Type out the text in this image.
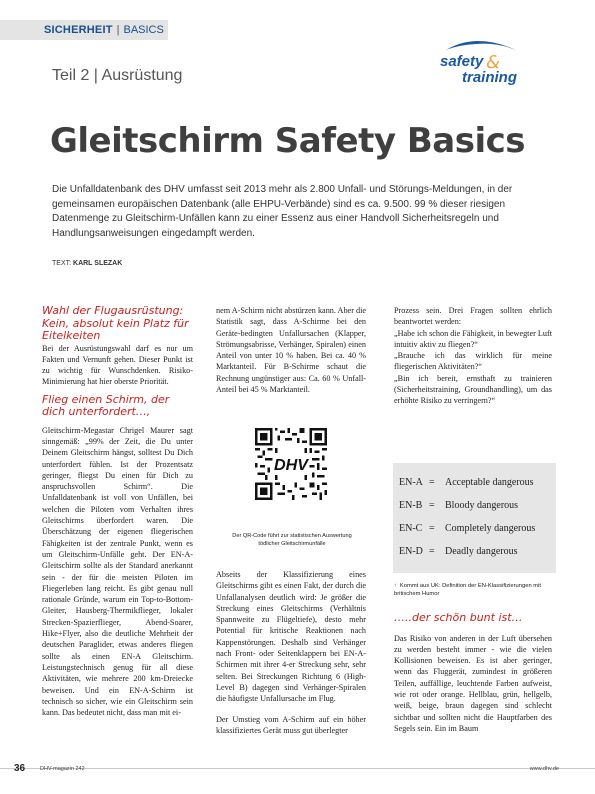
SICHERHEIT | BASICS
Teil 2 | Ausrüstung
safety &
training
Gleitschirm Safety Basics

Die Unfalldatenbank des DHV umfasst seit 2013 mehr als 2.800 Unfall- und Störungs-Meldungen, in der gemeinsamen europäischen Datenbank (alle EHPU-Verbände) sind es ca. 9.500. 99 % dieser riesigen Datenmenge zu Gleitschirm-Unfällen kann zu einer Essenz aus einer Handvoll Sicherheitsregeln und Handlungsanweisungen eingedampft werden.

TEXT: KARL SLEZAK

Wahl der Flugausrüstung: Kein, absolut kein Platz für Eitelkeiten

Bei der Ausrüstungswahl darf es nur um Fakten und Vernunft gehen. Dieser Punkt ist zu wichtig für Wunschdenken. Risiko-Minimierung hat hier oberste Priorität.

Flieg einen Schirm, der dich unterfordert…,

Gleitschirm-Megastar Chrigel Maurer sagt sinngemäß: „99% der Zeit, die Du unter Deinem Gleitschirm hängst, solltest Du Dich unterfordert fühlen. Ist der Prozentsatz geringer, fliegst Du einen für Dich zu anspruchsvollen Schirm“. Die Unfalldatenbank ist voll von Unfällen, bei welchen die Piloten vom Verhalten ihres Gleitschirms überfordert waren. Die Überschätzung der eigenen fliegerischen Fähigkeiten ist der zentrale Punkt, wenn es um Gleitschirm-Unfälle geht. Der EN-A-Gleitschirm sollte als der Standard anerkannt sein - der für die meisten Piloten im Fliegerleben lang reicht. Es gibt genau null rationale Gründe, warum ein Top-to-Bottom-Gleiter, Hausberg-Thermikflieger, lokaler Strecken-Spazierflieger, Abend-Soarer, Hike+Flyer, also die deutliche Mehrheit der deutschen Paraglider, etwas anderes fliegen sollte als einen EN-A Gleitschirm. Leistungstechnisch genug für all diese Aktivitäten, wie mehrere 200 km-Dreiecke beweisen. Und ein EN-A-Schirm ist technisch so sicher, wie ein Gleitschirm sein kann. Das bedeutet nicht, dass man mit ei-

nem A-Schirm nicht abstürzen kann. Aber die Statistik sagt, dass A-Schirme bei den Geräte-bedingten Unfallursachen (Klapper, Strömungsabrisse, Verhänger, Spiralen) einen Anteil von unter 10 % haben. Bei ca. 40 % Marktanteil. Für B-Schirme schaut die Rechnung ungünstiger aus: Ca. 60 % Unfall-Anteil bei 45 % Marktanteil.

DHV

Der QR-Code führt zur statistischen Auswertung tödlicher Gleitschirmunfälle

Abseits der Klassifizierung eines Gleitschirms gibt es einen Fakt, der durch die Unfallanalysen deutlich wird: Je größer die Streckung eines Gleitschirms (Verhältnis Spannweite zu Flügeltiefe), desto mehr Potential für kritische Reaktionen nach Kappenstörungen. Deshalb sind Verhänger nach Front- oder Seitenklappern bei EN-A-Schirmen mit ihrer 4-er Streckung sehr, sehr selten. Bei Streckungen Richtung 6 (High-Level B) dagegen sind Verhänger-Spiralen die häufigste Unfallursache im Flug.

Der Umstieg vom A-Schirm auf ein höher klassifiziertes Gerät muss gut überlegter

Prozess sein. Drei Fragen sollten ehrlich beantwortet werden:

„Habe ich schon die Fähigkeit, in bewegter Luft intuitiv aktiv zu fliegen?“

„Brauche ich das wirklich für meine fliegerischen Aktivitäten?“

„Bin ich bereit, ernsthaft zu trainieren (Sicherheitstraining, Groundhandling), um das erhöhte Risiko zu verringern?“

EN-A =	Acceptable dangerous
EN-B =	Bloody dangerous
EN-C =	Completely dangerous
EN-D =	Deadly dangerous

↑ Kommt aus UK: Definition der EN-Klassifizierungen mit britischem Humor

…..der schön bunt ist…

Das Risiko von anderen in der Luft übersehen zu werden besteht immer - wie die vielen Kollisionen beweisen. Es ist aber geringer, wenn das Fluggerät, zumindest in größeren Teilen, auffällige, leuchtende Farben aufweist, wie rot oder orange. Hellblau, grün, hellgelb, weiß, beige, braun dagegen sind schlecht sichtbar und sollten nicht die Hauptfarben des Segels sein. Ein im Baum

36	DHV-magazin 242	www.dhv.de
